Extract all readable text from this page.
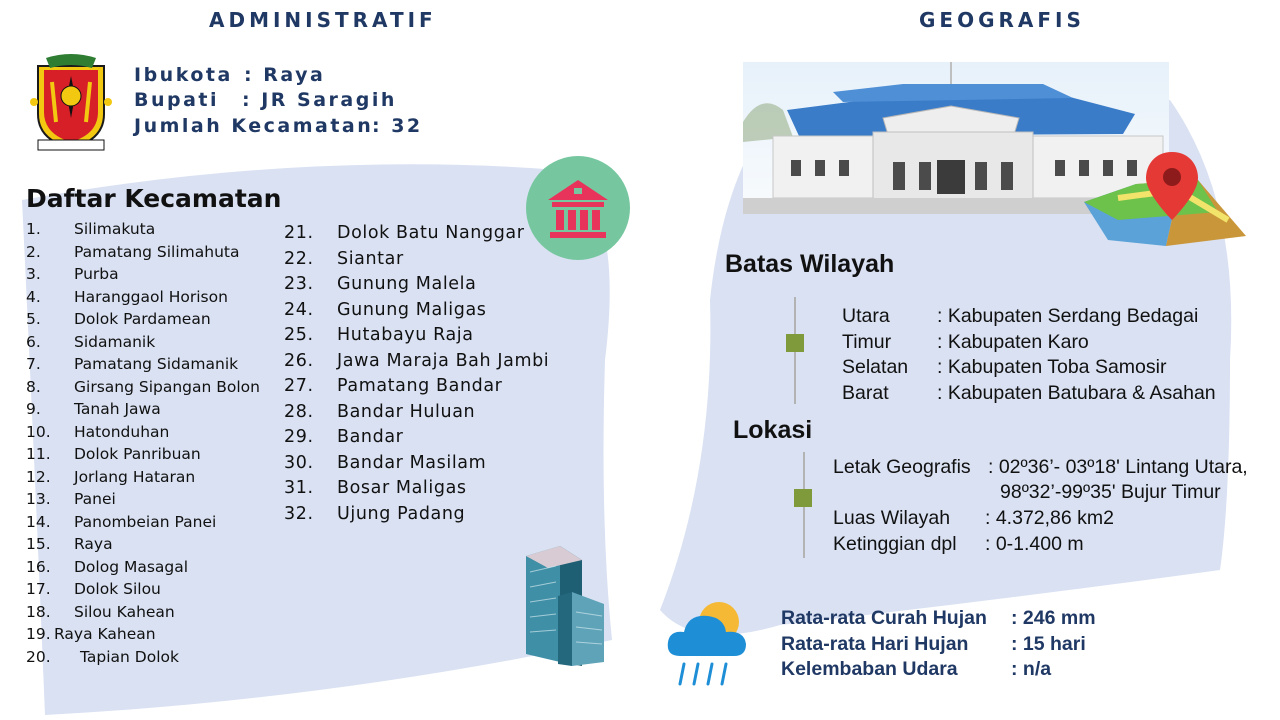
ADMINISTRATIF	GEOGRAFIS
Ibukota : Raya
Bupati : JR Saragih
Jumlah Kecamatan
: 32
Daftar Kecamatan
1. Silimakuta
2. Pamatang Silimahuta
3. Purba
4. Haranggaol Horison
5. Dolok Pardamean
6. Sidamanik
7. Pamatang Sidamanik
8. Girsang Sipangan Bolon
9. Tanah Jawa
10. Hatonduhan
11. Dolok Panribuan
12. Jorlang Hataran
13. Panei
14. Panombeian Panei
15. Raya
16. Dolog Masagal
17. Dolok Silou
18. Silou Kahean
19. Raya Kahean
20. Tapian Dolok
21. Dolok Batu Nanggar
22. Siantar
23. Gunung Malela
24. Gunung Maligas
25. Hutabayu Raja
26. Jawa Maraja Bah Jambi
27. Pamatang Bandar
28. Bandar Huluan
29. Bandar
30. Bandar Masilam
31. Bosar Maligas
32. Ujung Padang
Batas Wilayah
Utara : Kabupaten Serdang Bedagai
Timur : Kabupaten Karo
Selatan : Kabupaten Toba Samosir
Barat : Kabupaten Batubara & Asahan
Lokasi
Letak Geografis : 02º36’- 03º18' Lintang Utara,
98º32’-99º35' Bujur Timur
Luas Wilayah : 4.372,86 km2
Ketinggian dpl : 0-1.400 m
Rata-rata Curah Hujan : 246 mm
Rata-rata Hari Hujan : 15 hari
Kelembaban Udara	: n/a
